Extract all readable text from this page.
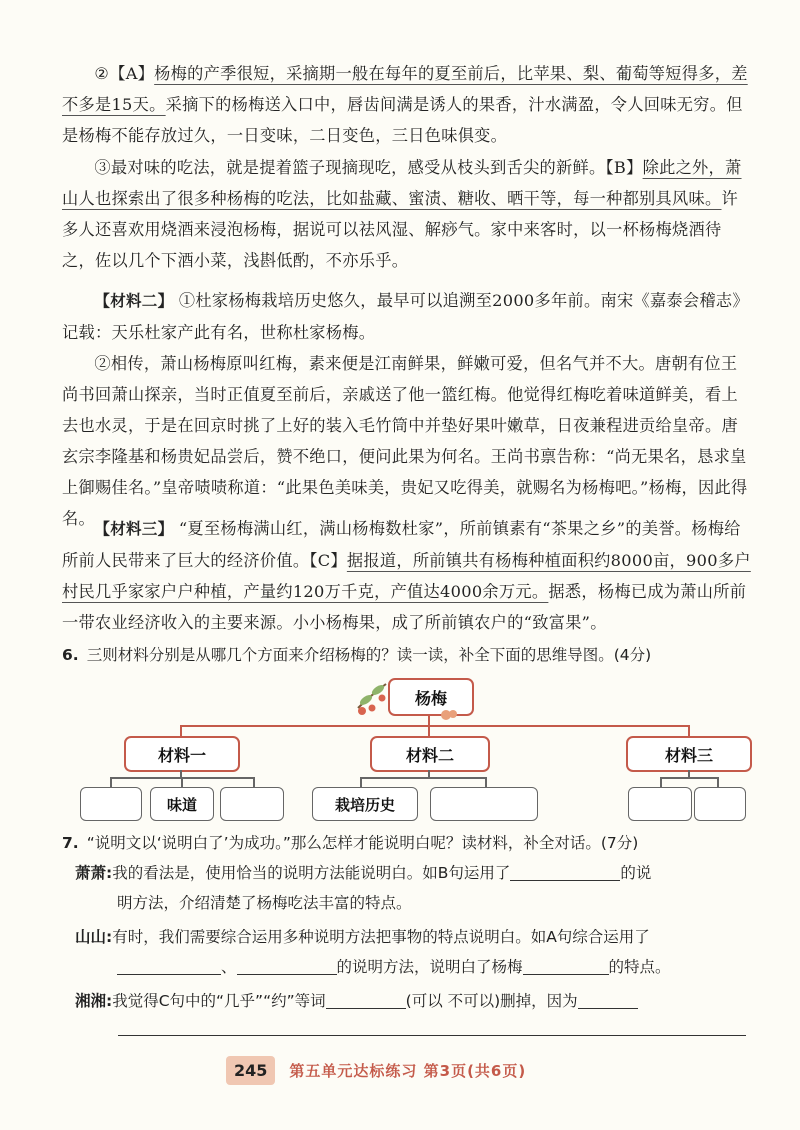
②【A】杨梅的产季很短，采摘期一般在每年的夏至前后，比苹果、梨、葡萄等短得多，差不多是15天。采摘下的杨梅送入口中，唇齿间满是诱人的果香，汁水满盈，令人回味无穷。但是杨梅不能存放过久，一日变味，二日变色，三日色味俱变。

③最对味的吃法，就是提着篮子现摘现吃，感受从枝头到舌尖的新鲜。【B】除此之外，萧山人也探索出了很多种杨梅的吃法，比如盐藏、蜜渍、糖收、晒干等，每一种都别具风味。许多人还喜欢用烧酒来浸泡杨梅，据说可以祛风湿、解痧气。家中来客时，以一杯杨梅烧酒待之，佐以几个下酒小菜，浅斟低酌，不亦乐乎。

【材料二】 ①杜家杨梅栽培历史悠久，最早可以追溯至2000多年前。南宋《嘉泰会稽志》记载：天乐杜家产此有名，世称杜家杨梅。

②相传，萧山杨梅原叫红梅，素来便是江南鲜果，鲜嫩可爱，但名气并不大。唐朝有位王尚书回萧山探亲，当时正值夏至前后，亲戚送了他一篮红梅。他觉得红梅吃着味道鲜美，看上去也水灵，于是在回京时挑了上好的装入毛竹筒中并垫好果叶嫩草，日夜兼程进贡给皇帝。唐玄宗李隆基和杨贵妃品尝后，赞不绝口，便问此果为何名。王尚书禀告称：“尚无果名，恳求皇上御赐佳名。”皇帝啧啧称道：“此果色美味美，贵妃又吃得美，就赐名为杨梅吧。”杨梅，因此得名。

【材料三】 “夏至杨梅满山红，满山杨梅数杜家”，所前镇素有“茶果之乡”的美誉。杨梅给所前人民带来了巨大的经济价值。【C】据报道，所前镇共有杨梅种植面积约8000亩，900多户村民几乎家家户户种植，产量约120万千克，产值达4000余万元。据悉，杨梅已成为萧山所前一带农业经济收入的主要来源。小小杨梅果，成了所前镇农户的“致富果”。

6. 三则材料分别是从哪几个方面来介绍杨梅的？读一读，补全下面的思维导图。(4分)
杨梅
材料一	材料二	材料三
味道	栽培历史
7. “说明文以‘说明白了’为成功。”那么怎样才能说明白呢？读材料，补全对话。(7分)
萧萧:我的看法是，使用恰当的说明方法能说明白。如B句运用了	的说
明方法，介绍清楚了杨梅吃法丰富的特点。
山山:有时，我们需要综合运用多种说明方法把事物的特点说明白。如A句综合运用了
、	的说明方法，说明白了杨梅	的特点。
湘湘:我觉得C句中的“几乎”“约”等词	(可以 不可以)删掉，因为
245	第五单元达标练习 第3页(共6页)
